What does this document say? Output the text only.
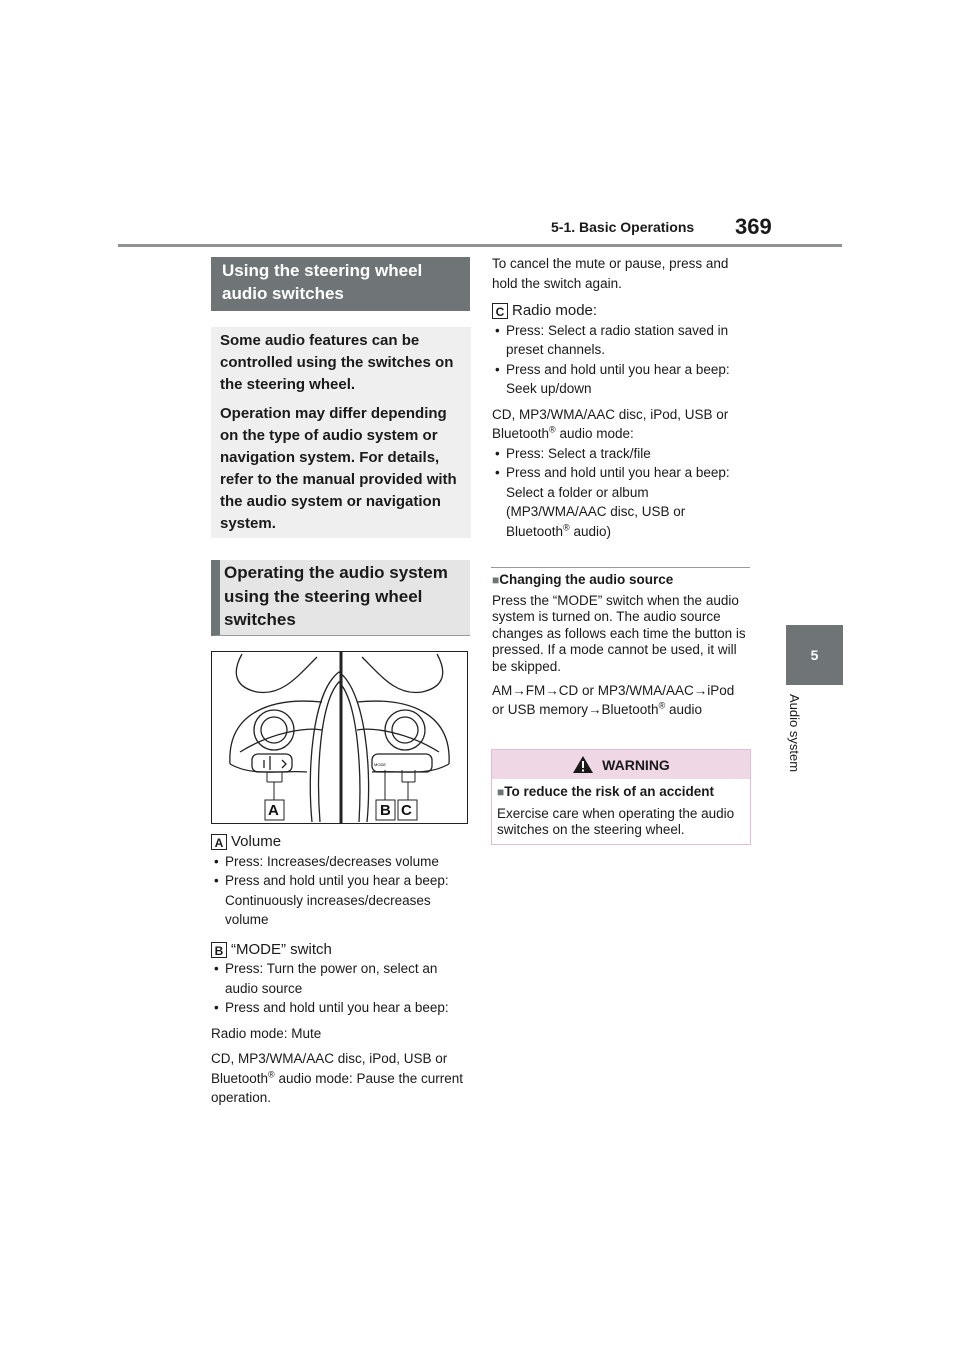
5-1. Basic Operations 369
5
Audio system
Using the steering wheel audio switches

Some audio features can be controlled using the switches on the steering wheel.

Operation may differ depending on the type of audio system or navigation system. For details, refer to the manual provided with the audio system or navigation system.

Operating the audio system using the steering wheel switches
MODE
A	B C
A Volume
• Press: Increases/decreases volume
• Press and hold until you hear a beep: Continuously increases/decreases volume
B “MODE” switch
• Press: Turn the power on, select an audio source
• Press and hold until you hear a beep:
Radio mode: Mute
CD, MP3/WMA/AAC disc, iPod, USB or Bluetooth® audio mode: Pause the current operation.
To cancel the mute or pause, press and hold the switch again.
C Radio mode:
• Press: Select a radio station saved in preset channels.
• Press and hold until you hear a beep: Seek up/down
CD, MP3/WMA/AAC disc, iPod, USB or Bluetooth® audio mode:
• Press: Select a track/file
• Press and hold until you hear a beep: Select a folder or album (MP3/WMA/AAC disc, USB or Bluetooth® audio)
■Changing the audio source
Press the “MODE” switch when the audio system is turned on. The audio source changes as follows each time the button is pressed. If a mode cannot be used, it will be skipped.
AM→FM→CD or MP3/WMA/AAC→iPod or USB memory→Bluetooth® audio
WARNING
■To reduce the risk of an accident
Exercise care when operating the audio switches on the steering wheel.
